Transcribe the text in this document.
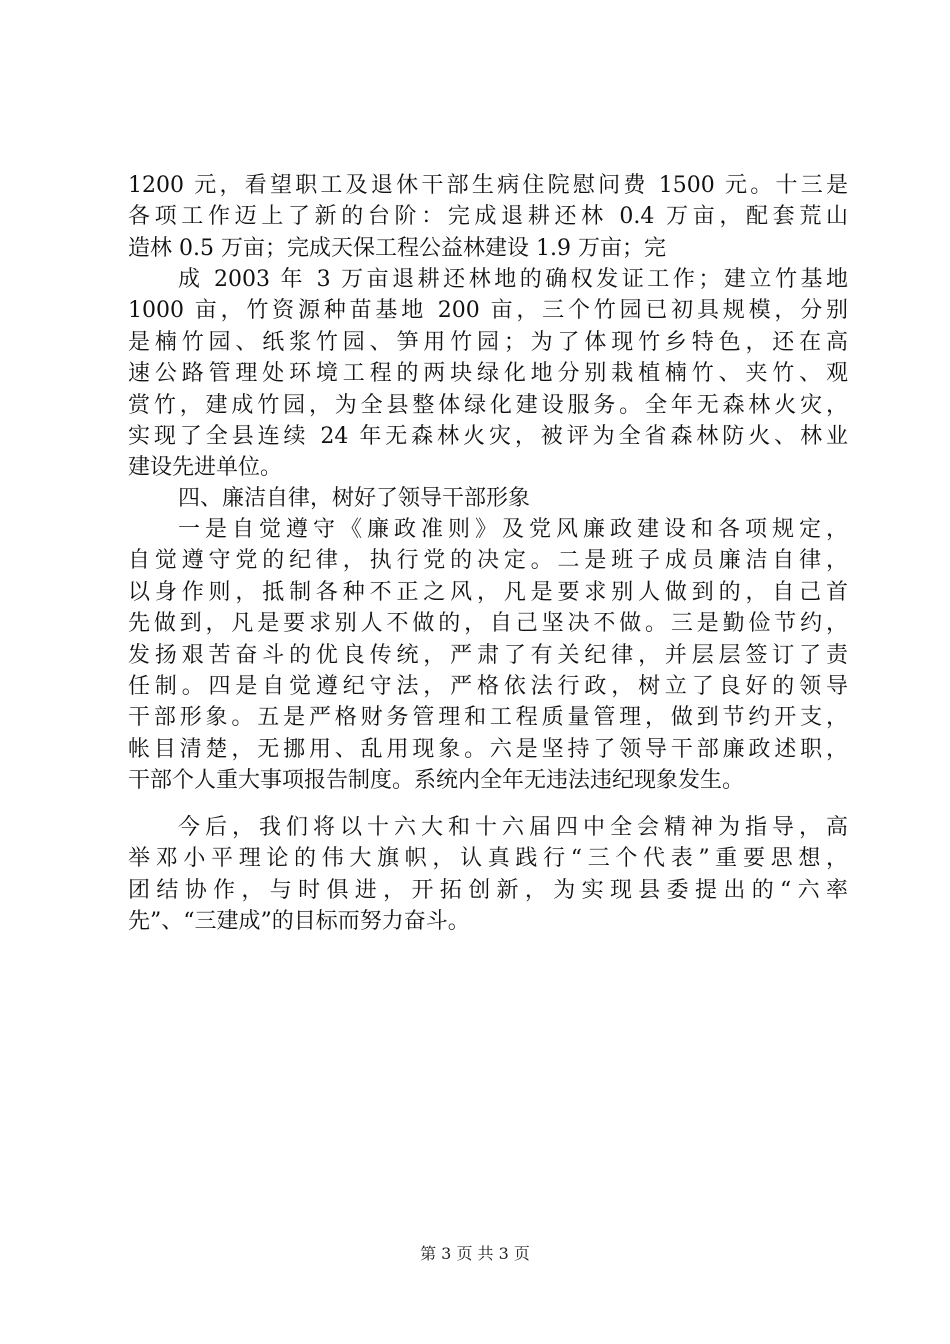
1200 元，看望职工及退休干部生病住院慰问费 1500 元。十三是
各项工作迈上了新的台阶：完成退耕还林 0.4 万亩，配套荒山
造林 0.5 万亩；完成天保工程公益林建设 1.9 万亩；完
成 2003 年 3 万亩退耕还林地的确权发证工作；建立竹基地
1000 亩，竹资源种苗基地 200 亩，三个竹园已初具规模，分别
是楠竹园、纸浆竹园、笋用竹园；为了体现竹乡特色，还在高
速公路管理处环境工程的两块绿化地分别栽植楠竹、夹竹、观
赏竹，建成竹园，为全县整体绿化建设服务。全年无森林火灾，
实现了全县连续 24 年无森林火灾，被评为全省森林防火、林业
建设先进单位。
四、廉洁自律，树好了领导干部形象
一是自觉遵守《廉政准则》及党风廉政建设和各项规定，
自觉遵守党的纪律，执行党的决定。二是班子成员廉洁自律，
以身作则，抵制各种不正之风，凡是要求别人做到的，自己首
先做到，凡是要求别人不做的，自己坚决不做。三是勤俭节约，
发扬艰苦奋斗的优良传统，严肃了有关纪律，并层层签订了责
任制。四是自觉遵纪守法，严格依法行政，树立了良好的领导
干部形象。五是严格财务管理和工程质量管理，做到节约开支，
帐目清楚，无挪用、乱用现象。六是坚持了领导干部廉政述职，
干部个人重大事项报告制度。系统内全年无违法违纪现象发生。
今后，我们将以十六大和十六届四中全会精神为指导，高
举邓小平理论的伟大旗帜，认真践行“三个代表”重要思想，
团结协作，与时俱进，开拓创新，为实现县委提出的“六率
先”、“三建成”的目标而努力奋斗。
第 3 页 共 3 页
